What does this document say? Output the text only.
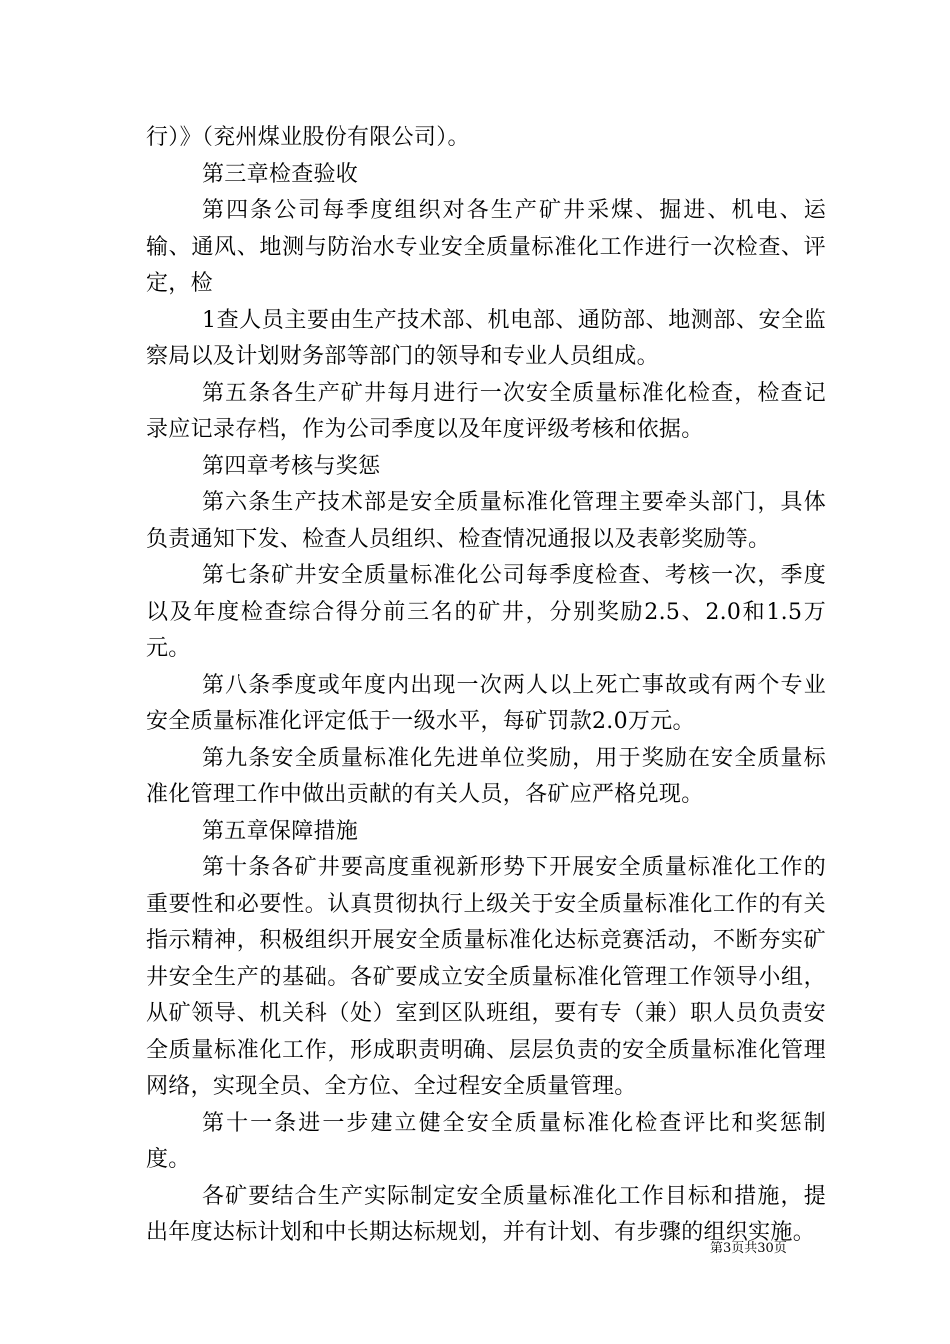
行）》（兖州煤业股份有限公司）。

第三章检查验收

第四条公司每季度组织对各生产矿井采煤、掘进、机电、运输、通风、地测与防治水专业安全质量标准化工作进行一次检查、评定，检

1查人员主要由生产技术部、机电部、通防部、地测部、安全监察局以及计划财务部等部门的领导和专业人员组成。

第五条各生产矿井每月进行一次安全质量标准化检查，检查记录应记录存档，作为公司季度以及年度评级考核和依据。

第四章考核与奖惩

第六条生产技术部是安全质量标准化管理主要牵头部门，具体负责通知下发、检查人员组织、检查情况通报以及表彰奖励等。

第七条矿井安全质量标准化公司每季度检查、考核一次，季度以及年度检查综合得分前三名的矿井，分别奖励2.5、2.0和1.5万元。

第八条季度或年度内出现一次两人以上死亡事故或有两个专业安全质量标准化评定低于一级水平，每矿罚款2.0万元。

第九条安全质量标准化先进单位奖励，用于奖励在安全质量标准化管理工作中做出贡献的有关人员，各矿应严格兑现。

第五章保障措施

第十条各矿井要高度重视新形势下开展安全质量标准化工作的重要性和必要性。认真贯彻执行上级关于安全质量标准化工作的有关指示精神，积极组织开展安全质量标准化达标竞赛活动，不断夯实矿井安全生产的基础。各矿要成立安全质量标准化管理工作领导小组，从矿领导、机关科（处）室到区队班组，要有专（兼）职人员负责安全质量标准化工作，形成职责明确、层层负责的安全质量标准化管理网络，实现全员、全方位、全过程安全质量管理。

第十一条进一步建立健全安全质量标准化检查评比和奖惩制度。

各矿要结合生产实际制定安全质量标准化工作目标和措施，提出年度达标计划和中长期达标规划，并有计划、有步骤的组织实施。

第3页共30页
